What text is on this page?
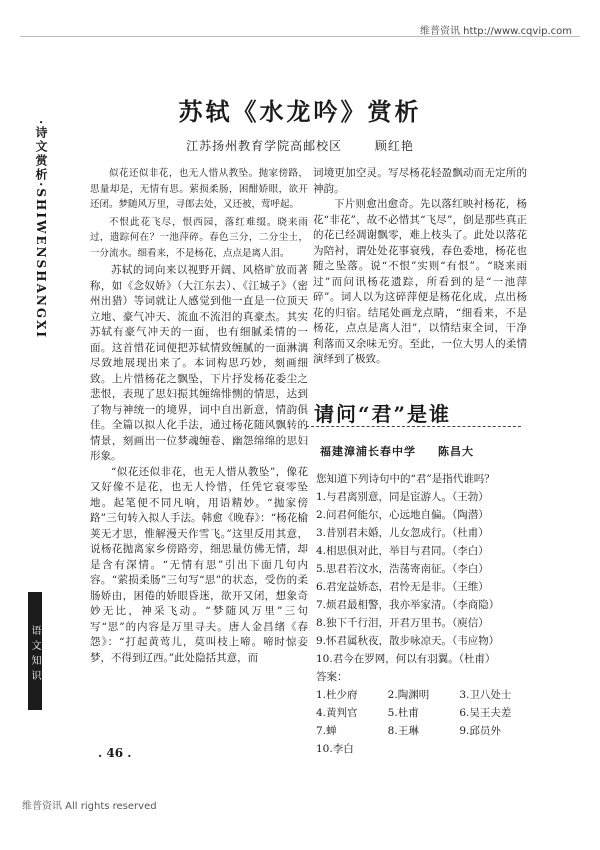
维普资讯 http://www.cqvip.com
·诗文赏析·SHIWENSHANGXI
语文知识
苏轼《水龙吟》赏析
江苏扬州教育学院高邮校区	顾红艳
似花还似非花，也无人惜从教坠。抛家傍路，思量却是，无情有思。萦损柔肠，困酣娇眼，欲开还闭。梦随风万里，寻郎去处，又还被，莺呼起。
不恨此花飞尽，恨西园，落红难缀。晓来雨过，遗踪何在？一池萍碎。春色三分，二分尘土，一分流水。细看来，不是杨花，点点是离人泪。

苏轼的词向来以视野开阔、风格旷放而著称，如《念奴娇》（大江东去）、《江城子》（密州出猎）等词就让人感觉到他一直是一位顶天立地、豪气冲天、流血不流泪的真豪杰。其实苏轼有豪气冲天的一面，也有细腻柔情的一面。这首惜花词便把苏轼情致缠腻的一面淋漓尽致地展现出来了。本词构思巧妙，刻画细致。上片惜杨花之飘坠，下片抒发杨花委尘之悲恨，表现了思妇振其缠绵悱恻的情思，达到了物与神统一的境界，词中自出新意，情韵俱佳。全篇以拟人化手法，通过杨花随风飘转的情景，刻画出一位梦魂缠卷、幽怨绵绵的思妇形象。

“似花还似非花，也无人惜从教坠”，像花又好像不是花，也无人怜惜，任凭它衰零坠地。起笔便不同凡响，用语精妙。“抛家傍路”三句转入拟人手法。韩愈《晚春》：“杨花榆荚无才思，惟解漫天作雪飞。”这里反用其意，说杨花抛离家乡傍路旁，细思量仿佛无情，却是含有深情。“无情有思”引出下面几句内容。“萦损柔肠”三句写“思”的状态，受伤的柔肠娇由，困倦的娇眼昏迷，欲开又闭，想象奇妙无比，神采飞动。“梦随风万里”三句写“思”的内容是万里寻夫。唐人金昌绪《春怨》：“打起黄莺儿，莫叫枝上啼。啼时惊妾梦，不得到辽西。”此处隐括其意，而

词境更加空灵。写尽杨花轻盈飘动而无定所的神韵。

下片则愈出愈奇。先以落红映衬杨花，杨花“非花”，故不必惜其“飞尽”，倒是那些真正的花已经凋谢飘零，难上枝头了。此处以落花为陪衬，谓处处花事衰残，春色委地，杨花也随之坠落。说“不恨”实则“有恨”。“晓来雨过”而问讯杨花遗踪，所看到的是“一池萍碎”。词人以为这碎萍便是杨花化成，点出杨花的归宿。结尾处画龙点睛，“细看来，不是杨花，点点是离人泪”，以情结束全词，干净利落而又余味无穷。至此，一位大男人的柔情演绎到了极致。

请问“君”是谁
福建漳浦长春中学 陈昌大

您知道下列诗句中的“君”是指代谁吗？

1.与君离别意，同是宦游人。（王勃）

2.问君何能尔，心远地自偏。（陶潜）

3.昔别君未婚，儿女忽成行。（杜甫）

4.相思俱对此，举目与君同。（李白）

5.思君若汶水，浩荡寄南征。（李白）

6.君宠益娇态，君怜无是非。（王维）

7.烦君最相警，我亦举家清。（李商隐）

8.独下千行泪，开君万里书。（庾信）

9.怀君属秋夜，散步咏凉天。（韦应物）

10.君今在罗网，何以有羽翼。（杜甫）

答案：

1.杜少府	2.陶渊明	3.卫八处士
4.黄判官	5.杜甫	6.吴王夫差
7.蝉	8.王琳	9.邱员外
10.李白
. 46 .
维普资讯 All rights reserved
